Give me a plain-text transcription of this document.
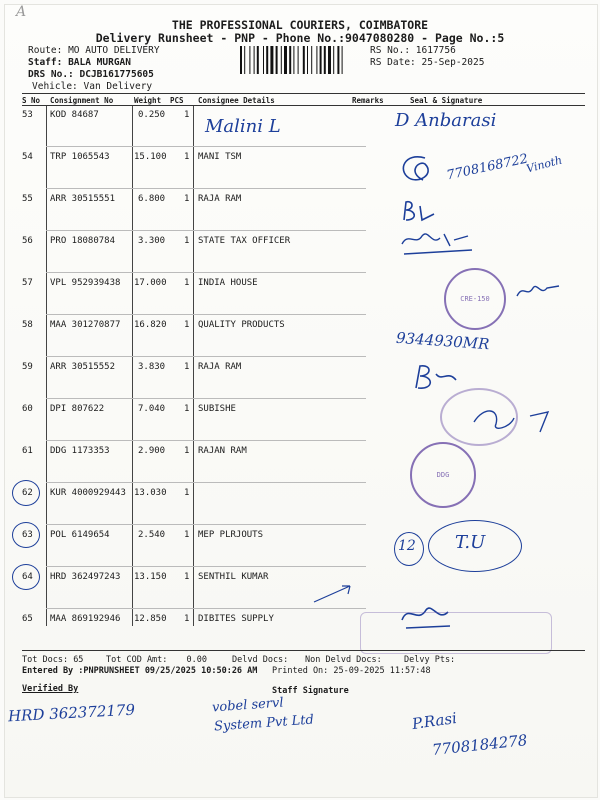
A
THE PROFESSIONAL COURIERS, COIMBATORE
Delivery Runsheet - PNP - Phone No.:9047080280 - Page No.:5
Route: MO AUTO DELIVERY
Staff: BALA MURGAN
DRS No.: DCJB161775605
Vehicle: Van Delivery
RS No.: 1617756
RS Date: 25-Sep-2025
S No Consignment No	Weight PCS Consignee Details	Remarks	Seal & Signature
53 KOD 84687	0.250 1
54 TRP 1065543	15.100 1 MANI TSM
55 ARR 30515551	6.800 1 RAJA RAM
56 PRO 18080784	3.300 1 STATE TAX OFFICER
57 VPL 952939438 17.000 1 INDIA HOUSE
58 MAA 301270877 16.820 1 QUALITY PRODUCTS
59 ARR 30515552	3.830 1 RAJA RAM
60 DPI 807622	7.040 1 SUBISHE
61 DDG 1173353	2.900 1 RAJAN RAM
62 KUR 4000929443 13.030 1
63 POL 6149654	2.540 1 MEP PLRJOUTS
64 HRD 362497243 13.150 1 SENTHIL KUMAR
65 MAA 869192946 12.850 1 DIBITES SUPPLY
Malini L	D Anbarasi
7708168722
Vinoth
CRE-150
9344930MR
DDG
12 T.U
Tot Docs: 65	Tot COD Amt: 0.00	Delvd Docs: Non Delvd Docs:	Delvy Pts:
Entered By :PNPRUNSHEET 09/25/2025 10:50:26 AM Printed On: 25-09-2025 11:57:48
Verified By	Staff Signature
HRD 362372179	vobel servl
System Pvt Ltd	P.Rasi
7708184278
